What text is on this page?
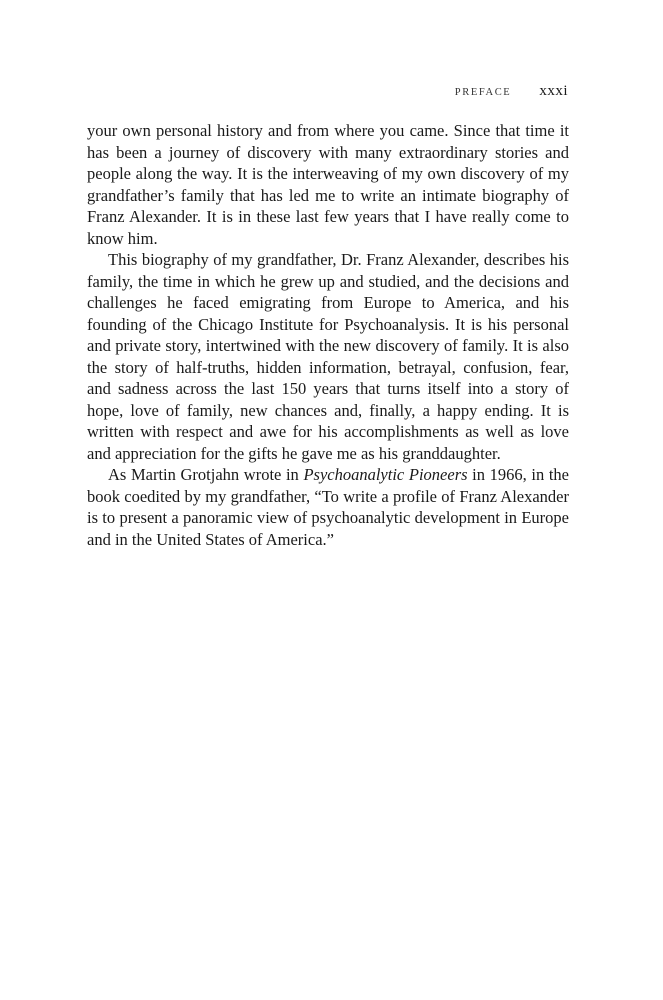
PREFACE xxxi

your own personal history and from where you came. Since that time it has been a journey of discovery with many extraordinary stories and people along the way. It is the interweaving of my own discovery of my grandfather’s family that has led me to write an intimate biography of Franz Alexander. It is in these last few years that I have really come to know him.

This biography of my grandfather, Dr. Franz Alexander, describes his family, the time in which he grew up and studied, and the decisions and challenges he faced emigrating from Europe to America, and his founding of the Chicago Institute for Psychoanalysis. It is his personal and private story, intertwined with the new discovery of family. It is also the story of half-truths, hidden information, betrayal, confusion, fear, and sadness across the last 150 years that turns itself into a story of hope, love of family, new chances and, finally, a happy ending. It is written with respect and awe for his accomplishments as well as love and appreciation for the gifts he gave me as his granddaughter.

As Martin Grotjahn wrote in Psychoanalytic Pioneers in 1966, in the book coedited by my grandfather, “To write a profile of Franz Alexander is to present a panoramic view of psychoanalytic development in Europe and in the United States of America.”
